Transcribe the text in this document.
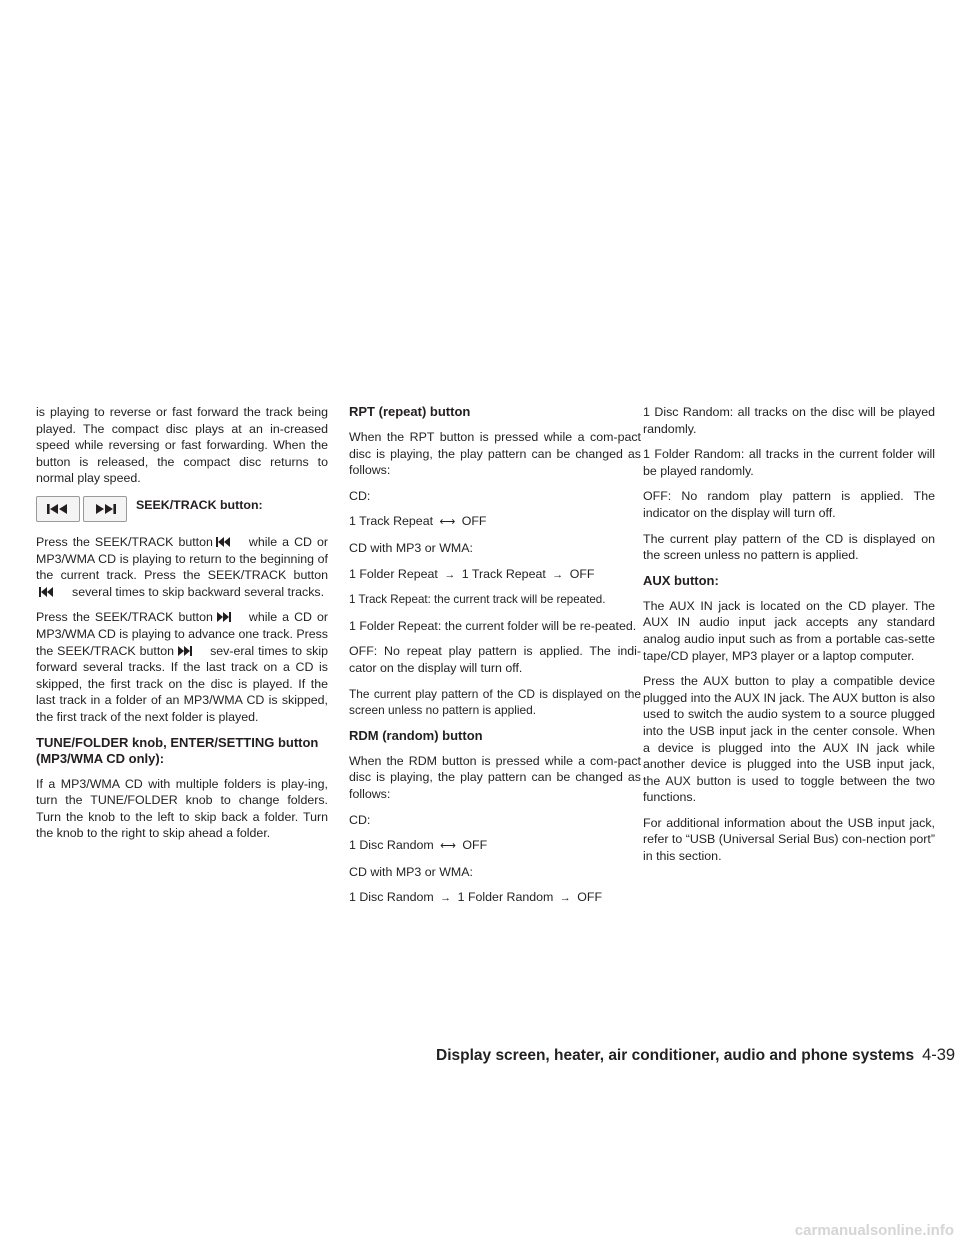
is playing to reverse or fast forward the track being played. The compact disc plays at an in-creased speed while reversing or fast forwarding. When the button is released, the compact disc returns to normal play speed.

SEEK/TRACK button:

Press the SEEK/TRACK button	while a CD or MP3/WMA CD is playing to return to the beginning of the current track. Press the SEEK/TRACK buttonseveral times to skip backward several tracks.

Press the SEEK/TRACK button	while a CD or MP3/WMA CD is playing to advance one track. Press the SEEK/TRACK button	sev-eral times to skip forward several tracks. If the last track on a CD is skipped, the first track on the disc is played. If the last track in a folder of an MP3/WMA CD is skipped, the first track of the next folder is played.

TUNE/FOLDER knob, ENTER/SETTING button (MP3/WMA CD only):

If a MP3/WMA CD with multiple folders is play-ing, turn the TUNE/FOLDER knob to change folders. Turn the knob to the left to skip back a folder. Turn the knob to the right to skip ahead a folder.

RPT (repeat) button

When the RPT button is pressed while a com-pact disc is playing, the play pattern can be changed as follows:

CD:

1 Track Repeat ⟷ OFF

CD with MP3 or WMA:

1 Folder Repeat → 1 Track Repeat → OFF

1 Track Repeat: the current track will be repeated.

1 Folder Repeat: the current folder will be re-peated.

OFF: No repeat play pattern is applied. The indi-cator on the display will turn off.

The current play pattern of the CD is displayed on the screen unless no pattern is applied.

RDM (random) button

When the RDM button is pressed while a com-pact disc is playing, the play pattern can be changed as follows:

CD:

1 Disc Random ⟷ OFF

CD with MP3 or WMA:

1 Disc Random → 1 Folder Random → OFF

1 Disc Random: all tracks on the disc will be played randomly.

1 Folder Random: all tracks in the current folder will be played randomly.

OFF: No random play pattern is applied. The indicator on the display will turn off.

The current play pattern of the CD is displayed on the screen unless no pattern is applied.

AUX button:

The AUX IN jack is located on the CD player. The AUX IN audio input jack accepts any standard analog audio input such as from a portable cas-sette tape/CD player, MP3 player or a laptop computer.

Press the AUX button to play a compatible device plugged into the AUX IN jack. The AUX button is also used to switch the audio system to a source plugged into the USB input jack in the center console. When a device is plugged into the AUX IN jack while another device is plugged into the USB input jack, the AUX button is used to toggle between the two functions.

For additional information about the USB input jack, refer to “USB (Universal Serial Bus) con-nection port” in this section.

Display screen, heater, air conditioner, audio and phone systems 4-39
carmanualsonline.info
